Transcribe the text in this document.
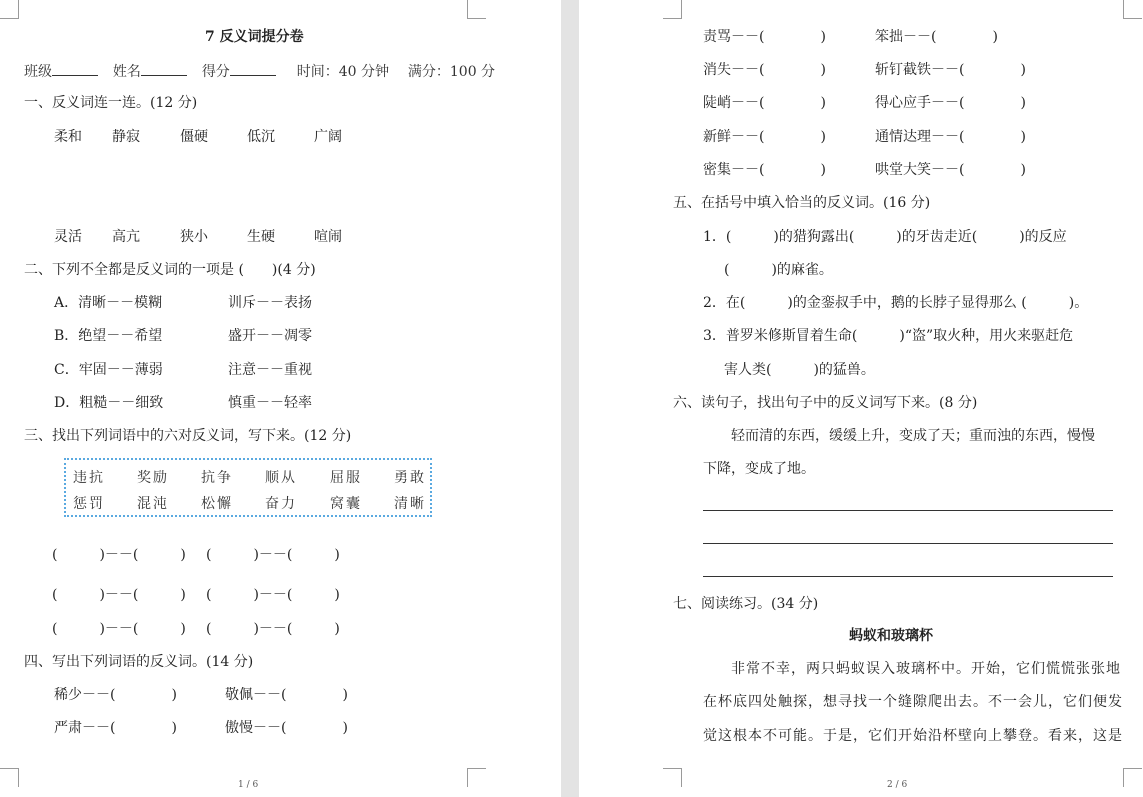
7 反义词提分卷
班级	姓名	得分	时间：40 分钟 满分：100 分
一、反义词连一连。(12 分)
柔和 静寂	僵硬	低沉	广阔
灵活 高亢	狭小	生硬	喧闹
二、下列不全都是反义词的一项是 (　　)(4 分)
A．清晰－－模糊	训斥－－表扬
B．绝望－－希望	盛开－－凋零
C．牢固－－薄弱	注意－－重视
D．粗糙－－细致	慎重－－轻率
三、找出下列词语中的六对反义词，写下来。(12 分)
违抗 奖励 抗争 顺从 屈服 勇敢
惩罚 混沌 松懈 奋力 窝囊 清晰
(　　　)－－(　　　) (　　　)－－(　　　)
(　　　)－－(　　　) (　　　)－－(　　　)
(　　　)－－(　　　) (　　　)－－(　　　)
四、写出下列词语的反义词。(14 分)
稀少－－(　　　　)	敬佩－－(　　　　)
严肃－－(　　　　)	傲慢－－(　　　　)
1 / 6
责骂－－(　　　　)	笨拙－－(　　　　)
消失－－(　　　　)	斩钉截铁－－(　　　　)
陡峭－－(　　　　)	得心应手－－(　　　　)
新鲜－－(　　　　)	通情达理－－(　　　　)
密集－－(　　　　)	哄堂大笑－－(　　　　)
五、在括号中填入恰当的反义词。(16 分)
1．(　　　)的猎狗露出(　　　)的牙齿走近(　　　)的反应
(　　　)的麻雀。
2．在(　　　)的金銮叔手中，鹅的长脖子显得那么 (　　　)。
3．普罗米修斯冒着生命(　　　)“盗”取火种，用火来驱赶危
害人类(　　　)的猛兽。
六、读句子，找出句子中的反义词写下来。(8 分)
轻而清的东西，缓缓上升，变成了天；重而浊的东西，慢慢
下降，变成了地。
七、阅读练习。(34 分)
蚂蚁和玻璃杯
非常不幸，两只蚂蚁误入玻璃杯中。开始，它们慌慌张张地
在杯底四处触探，想寻找一个缝隙爬出去。不一会儿，它们便发
觉这根本不可能。于是，它们开始沿杯壁向上攀登。看来，这是
2 / 6
